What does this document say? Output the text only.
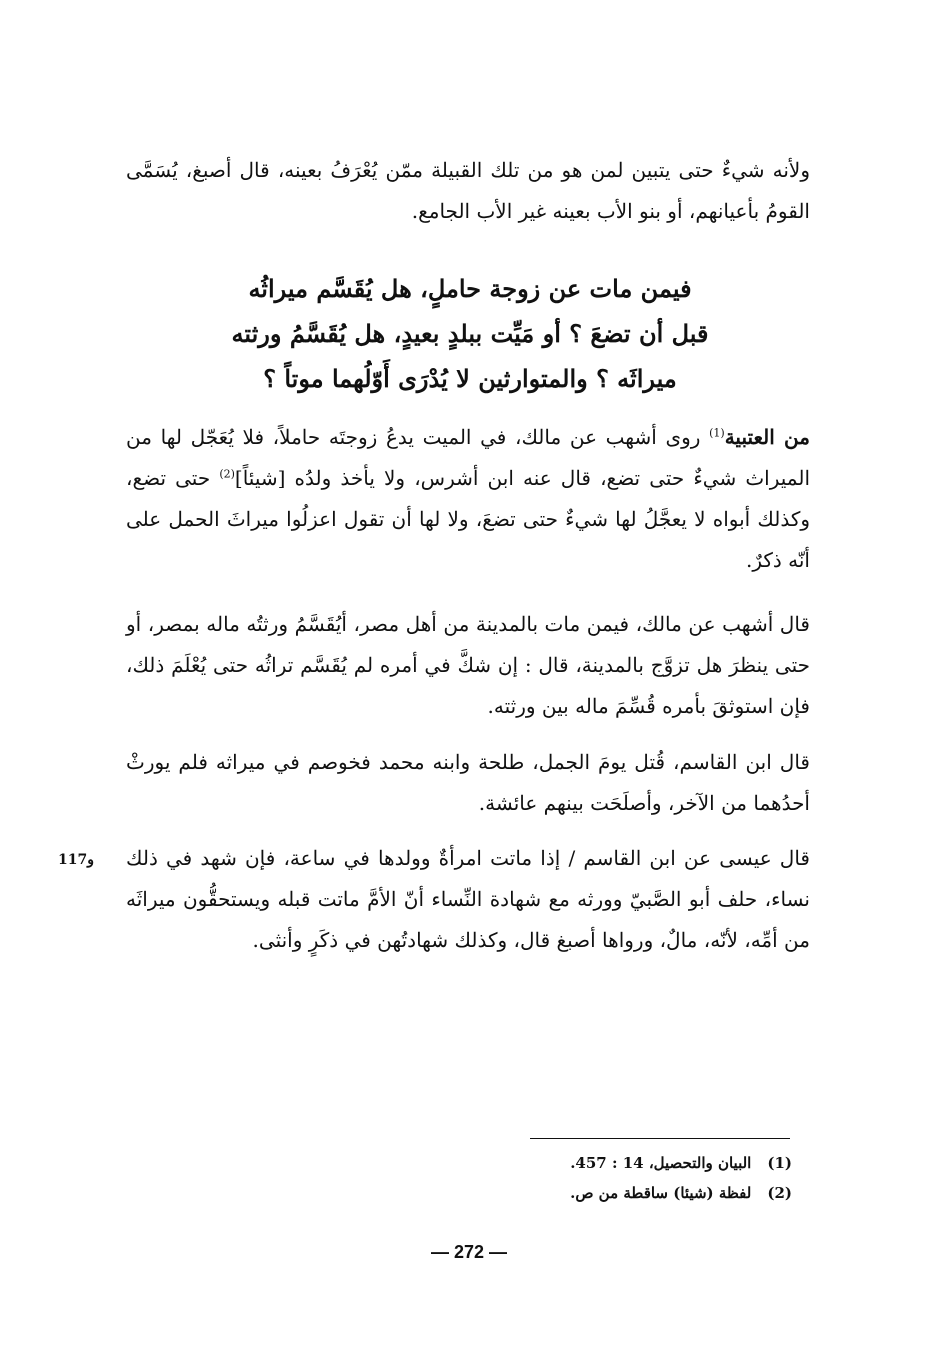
ولأنه شيءٌ حتى يتبين لمن هو من تلك القبيلة ممّن يُعْرَفُ بعينه، قال أصبغ، يُسَمَّى القومُ بأعيانهم، أو بنو الأب بعينه غير الأب الجامع.

فيمن مات عن زوجة حاملٍ، هل يُقَسَّم ميراثُه
قبل أن تضعَ ؟ أو مَيِّت ببلدٍ بعيدٍ، هل يُقَسَّمُ ورثته
ميراثَه ؟ والمتوارثين لا يُدْرَى أَوّلُهما موتاً ؟

من العتبية$^{(1)}$ روى أشهب عن مالك، في الميت يدعُ زوجتَه حاملاً، فلا يُعَجّل لها من الميراث شيءٌ حتى تضع، قال عنه ابن أشرس، ولا يأخذ ولدُه [شيئاً]$^{(2)}$ حتى تضع، وكذلك أبواه لا يعجَّلُ لها شيءٌ حتى تضعَ، ولا لها أن تقول اعزلُوا ميراثَ الحمل على أنّه ذكرٌ.

قال أشهب عن مالك، فيمن مات بالمدينة من أهل مصر، أيُقَسَّمُ ورثتُه ماله بمصر، أو حتى ينظرَ هل تزوَّج بالمدينة، قال : إن شكَّ في أمره لم يُقَسَّم تراثُه حتى يُعْلَمَ ذلك، فإن استوثقَ بأمره قُسِّمَ ماله بين ورثته.

قال ابن القاسم، قُتل يومَ الجمل، طلحة وابنه محمد فخوصم في ميراثه فلم يورثْ أحدُهما من الآخر، وأصلَحَت بينهم عائشة.

قال عيسى عن ابن القاسم / إذا ماتت امرأةٌ وولدها في ساعة، فإن شهد في ذلك نساء، حلف أبو الصَّبيّ وورثه مع شهادة النِّساء أنّ الأمَّ ماتت قبله ويستحقُّون ميراثَه من أمِّه، لأنّه، مالٌ، ورواها أصبغ قال، وكذلك شهادتُهن في ذكَرٍ وأنثى.

117و
(1)
البيان والتحصيل، 14 : 457.
(2)
لفظة (شيئا) ساقطة من ص.
— 272 —
